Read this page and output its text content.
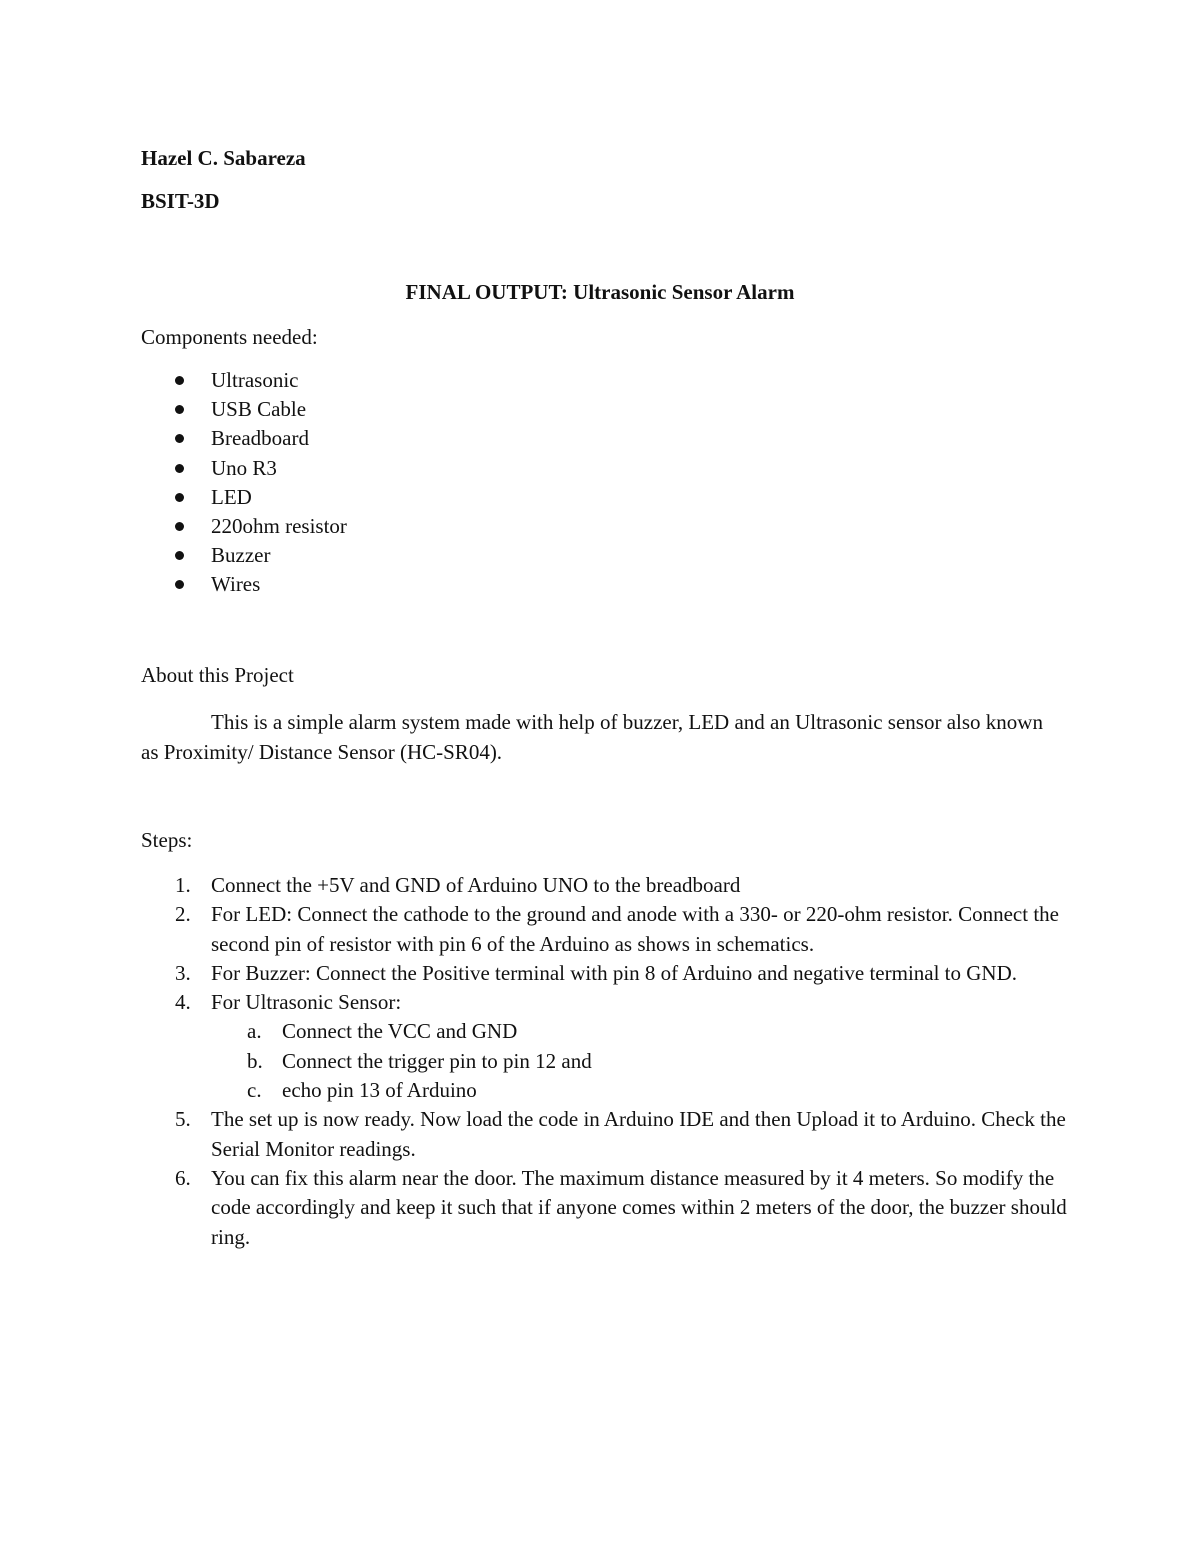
Hazel C. Sabareza
BSIT-3D
FINAL OUTPUT: Ultrasonic Sensor Alarm
Components needed:
Ultrasonic
USB Cable
Breadboard
Uno R3
LED
220ohm resistor
Buzzer
Wires
About this Project
This is a simple alarm system made with help of buzzer, LED and an Ultrasonic sensor also known as Proximity/ Distance Sensor (HC-SR04).
Steps:
1. Connect the +5V and GND of Arduino UNO to the breadboard
2. For LED: Connect the cathode to the ground and anode with a 330- or 220-ohm resistor. Connect the second pin of resistor with pin 6 of the Arduino as shows in schematics.
3. For Buzzer: Connect the Positive terminal with pin 8 of Arduino and negative terminal to GND.
4. For Ultrasonic Sensor:
a. Connect the VCC and GND
b. Connect the trigger pin to pin 12 and
c. echo pin 13 of Arduino
5. The set up is now ready. Now load the code in Arduino IDE and then Upload it to Arduino. Check the Serial Monitor readings.
6. You can fix this alarm near the door. The maximum distance measured by it 4 meters. So modify the code accordingly and keep it such that if anyone comes within 2 meters of the door, the buzzer should ring.
